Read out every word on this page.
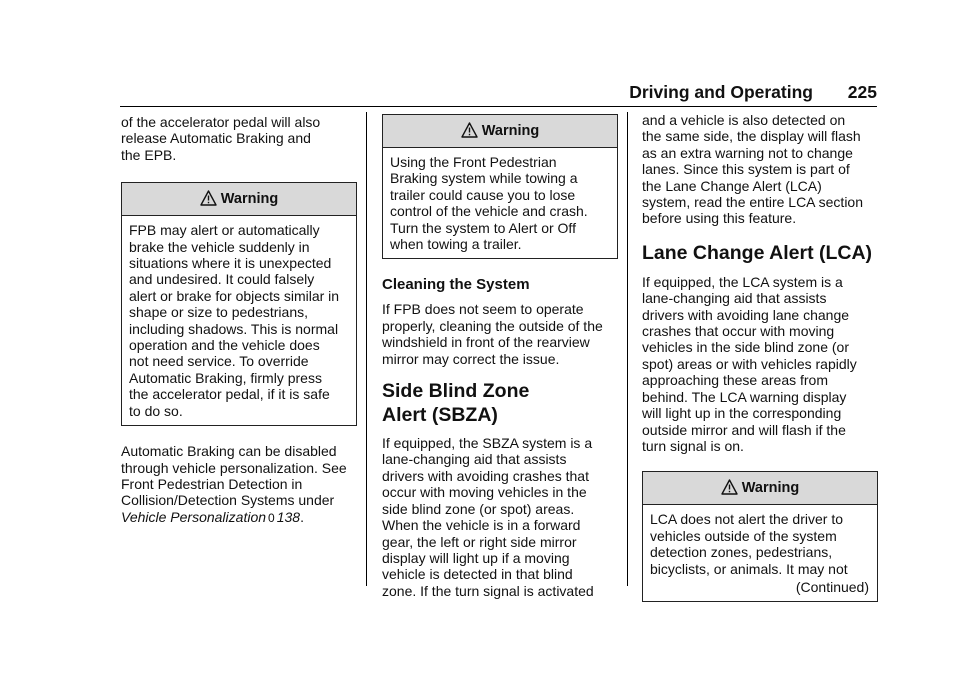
Driving and Operating 225

of the accelerator pedal will also
release Automatic Braking and
the EPB.

Warning
FPB may alert or automatically
brake the vehicle suddenly in
situations where it is unexpected
and undesired. It could falsely
alert or brake for objects similar in
shape or size to pedestrians,
including shadows. This is normal
operation and the vehicle does
not need service. To override
Automatic Braking, firmly press
the accelerator pedal, if it is safe
to do so.

Automatic Braking can be disabled
through vehicle personalization. See
Front Pedestrian Detection in
Collision/Detection Systems under

Vehicle Personalization 0 138.

Warning
Using the Front Pedestrian
Braking system while towing a
trailer could cause you to lose
control of the vehicle and crash.
Turn the system to Alert or Off
when towing a trailer.
Cleaning the System

If FPB does not seem to operate
properly, cleaning the outside of the
windshield in front of the rearview
mirror may correct the issue.

Side Blind Zone
Alert (SBZA)

If equipped, the SBZA system is a
lane-changing aid that assists
drivers with avoiding crashes that
occur with moving vehicles in the
side blind zone (or spot) areas.
When the vehicle is in a forward
gear, the left or right side mirror
display will light up if a moving
vehicle is detected in that blind
zone. If the turn signal is activated

and a vehicle is also detected on
the same side, the display will flash
as an extra warning not to change
lanes. Since this system is part of
the Lane Change Alert (LCA)
system, read the entire LCA section
before using this feature.

Lane Change Alert (LCA)

If equipped, the LCA system is a
lane-changing aid that assists
drivers with avoiding lane change
crashes that occur with moving
vehicles in the side blind zone (or
spot) areas or with vehicles rapidly
approaching these areas from
behind. The LCA warning display
will light up in the corresponding
outside mirror and will flash if the
turn signal is on.

Warning
LCA does not alert the driver to
vehicles outside of the system
detection zones, pedestrians,
bicyclists, or animals. It may not
(Continued)
